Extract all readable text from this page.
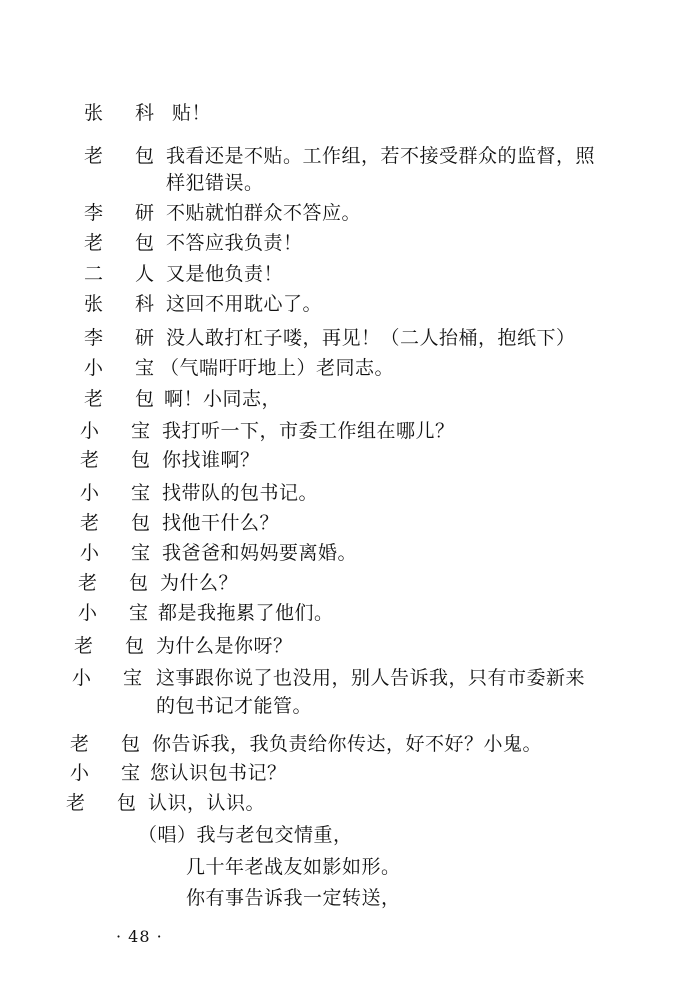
张 科 贴！
老 包 我看还是不贴。工作组，若不接受群众的监督，照
样犯错误。
李 研 不贴就怕群众不答应。
老 包 不答应我负责！
二 人 又是他负责！
张 科 这回不用耽心了。
李 研 没人敢打杠子喽，再见！（二人抬桶，抱纸下）
小 宝 （气喘吁吁地上）老同志。
老 包 啊！小同志，
小 宝 我打听一下，市委工作组在哪儿？
老 包 你找谁啊？
小 宝 找带队的包书记。
老 包 找他干什么？
小 宝 我爸爸和妈妈要离婚。
老 包 为什么？
小 宝 都是我拖累了他们。
老 包 为什么是你呀？
小 宝 这事跟你说了也没用，别人告诉我，只有市委新来
的包书记才能管。
老 包 你告诉我，我负责给你传达，好不好？小鬼。
小 宝 您认识包书记？
老 包 认识，认识。
（唱）我与老包交情重，
几十年老战友如影如形。
你有事告诉我一定转送，
· 48 ·
